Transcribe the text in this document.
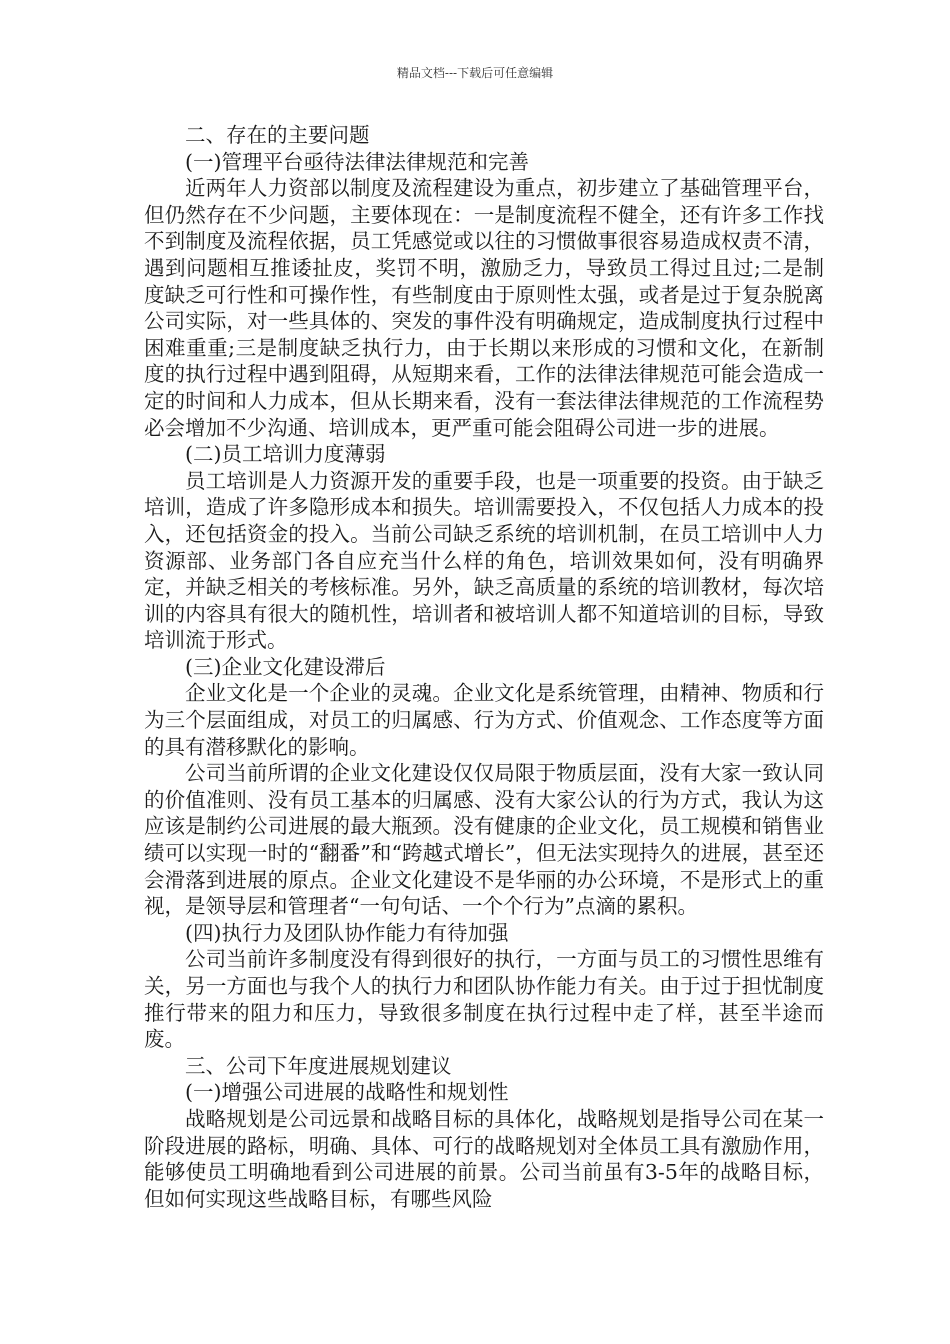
精品文档---下载后可任意编辑

二、存在的主要问题

(一)管理平台亟待法律法律规范和完善

近两年人力资部以制度及流程建设为重点，初步建立了基础管理平台，但仍然存在不少问题，主要体现在：一是制度流程不健全，还有许多工作找不到制度及流程依据，员工凭感觉或以往的习惯做事很容易造成权责不清，遇到问题相互推诿扯皮，奖罚不明，激励乏力，导致员工得过且过;二是制度缺乏可行性和可操作性，有些制度由于原则性太强，或者是过于复杂脱离公司实际，对一些具体的、突发的事件没有明确规定，造成制度执行过程中困难重重;三是制度缺乏执行力，由于长期以来形成的习惯和文化，在新制度的执行过程中遇到阻碍，从短期来看，工作的法律法律规范可能会造成一定的时间和人力成本，但从长期来看，没有一套法律法律规范的工作流程势必会增加不少沟通、培训成本，更严重可能会阻碍公司进一步的进展。

(二)员工培训力度薄弱

员工培训是人力资源开发的重要手段，也是一项重要的投资。由于缺乏培训，造成了许多隐形成本和损失。培训需要投入，不仅包括人力成本的投入，还包括资金的投入。当前公司缺乏系统的培训机制，在员工培训中人力资源部、业务部门各自应充当什么样的角色，培训效果如何，没有明确界定，并缺乏相关的考核标准。另外，缺乏高质量的系统的培训教材，每次培训的内容具有很大的随机性，培训者和被培训人都不知道培训的目标，导致培训流于形式。

(三)企业文化建设滞后

企业文化是一个企业的灵魂。企业文化是系统管理，由精神、物质和行为三个层面组成，对员工的归属感、行为方式、价值观念、工作态度等方面的具有潜移默化的影响。

公司当前所谓的企业文化建设仅仅局限于物质层面，没有大家一致认同的价值准则、没有员工基本的归属感、没有大家公认的行为方式，我认为这应该是制约公司进展的最大瓶颈。没有健康的企业文化，员工规模和销售业绩可以实现一时的“翻番”和“跨越式增长”，但无法实现持久的进展，甚至还会滑落到进展的原点。企业文化建设不是华丽的办公环境，不是形式上的重视，是领导层和管理者“一句句话、一个个行为”点滴的累积。

(四)执行力及团队协作能力有待加强

公司当前许多制度没有得到很好的执行，一方面与员工的习惯性思维有关，另一方面也与我个人的执行力和团队协作能力有关。由于过于担忧制度推行带来的阻力和压力，导致很多制度在执行过程中走了样，甚至半途而废。

三、公司下年度进展规划建议

(一)增强公司进展的战略性和规划性

战略规划是公司远景和战略目标的具体化，战略规划是指导公司在某一阶段进展的路标，明确、具体、可行的战略规划对全体员工具有激励作用，能够使员工明确地看到公司进展的前景。公司当前虽有3-5年的战略目标，但如何实现这些战略目标，有哪些风险
